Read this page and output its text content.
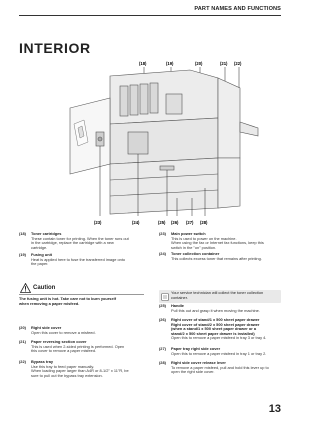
PART NAMES AND FUNCTIONS
INTERIOR
(18)	(19)	(20)	(21) (22)
(23)	(24)	(25) (26) (27) (28)
(18) Toner cartridges
These contain toner for printing. When the toner runs out
in the cartridge, replace the cartridge with a new
cartridge.
(19) Fusing unit
Heat is applied here to fuse the transferred image onto
the paper.
(20) Right side cover
Open this cover to remove a misfeed.
(21) Paper reversing section cover
This is used when 2-sided printing is performed. Open
this cover to remove a paper misfeed.
(22) Bypass tray
Use this tray to feed paper manually.
When loading paper larger than A4R or 8-1/2" x 11"R, be
sure to pull out the bypass tray extension.
Caution
The fusing unit is hot. Take care not to burn yourself
when removing a paper misfeed.
(23) Main power switch
This is used to power on the machine.
When using the fax or Internet fax functions, keep this
switch in the "on" position.
(24) Toner collection container
This collects excess toner that remains after printing.
(25) Handle
Pull this out and grasp it when moving the machine.
(26) Right cover of stand/1 x 500 sheet paper drawer
Right cover of stand/2 x 500 sheet paper drawer
(when a stand/1 x 500 sheet paper drawer or a
stand/2 x 500 sheet paper drawer is installed)
Open this to remove a paper misfeed in tray 3 or tray 4.
(27) Paper tray right side cover
Open this to remove a paper misfeed in tray 1 or tray 2.
(28) Right side cover release lever
To remove a paper misfeed, pull and hold this lever up to
open the right side cover.
Your service technician will collect the toner collection
container.
13
